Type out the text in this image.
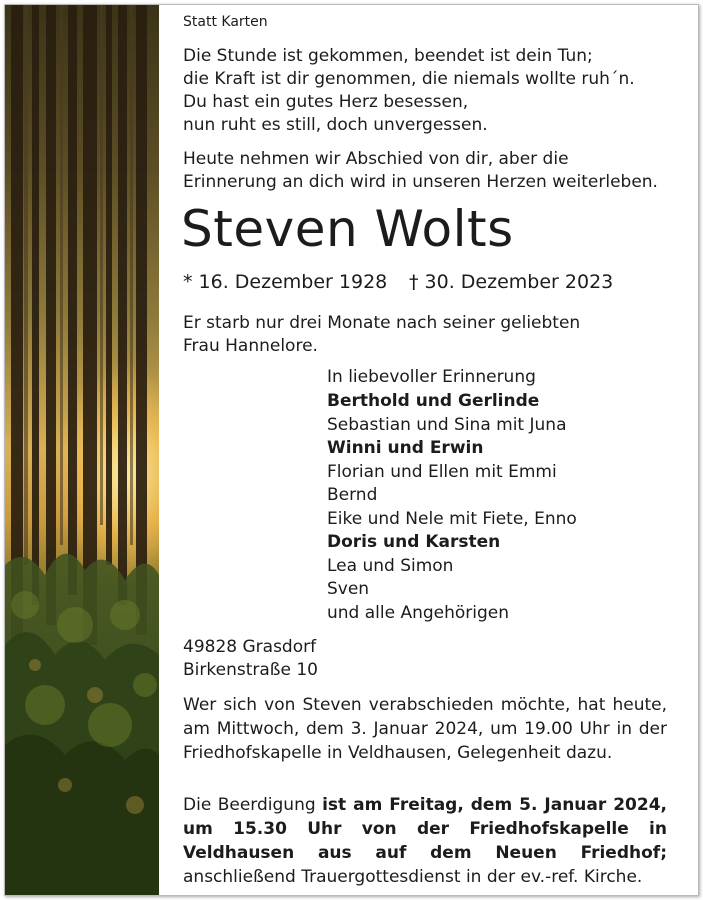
Statt Karten
Die Stunde ist gekommen, beendet ist dein Tun;
die Kraft ist dir genommen, die niemals wollte ruh´n.
Du hast ein gutes Herz besessen,
nun ruht es still, doch unvergessen.
Heute nehmen wir Abschied von dir, aber die
Erinnerung an dich wird in unseren Herzen weiterleben.
Steven Wolts
* 16. Dezember 1928 † 30. Dezember 2023
Er starb nur drei Monate nach seiner geliebten
Frau Hannelore.
In liebevoller Erinnerung
Berthold und Gerlinde
Sebastian und Sina mit Juna
Winni und Erwin
Florian und Ellen mit Emmi
Bernd
Eike und Nele mit Fiete, Enno
Doris und Karsten
Lea und Simon
Sven
und alle Angehörigen
49828 Grasdorf
Birkenstraße 10
Wer sich von Steven verabschieden möchte, hat heute, am Mittwoch, dem 3. Januar 2024, um 19.00 Uhr in der Friedhofskapelle in Veldhausen, Gelegenheit dazu.
Die Beerdigung ist am Freitag, dem 5. Januar 2024, um 15.30 Uhr von der Friedhofskapelle in Veldhausen aus auf dem Neuen Friedhof; anschließend Trauergottesdienst in der ev.-ref. Kirche.
